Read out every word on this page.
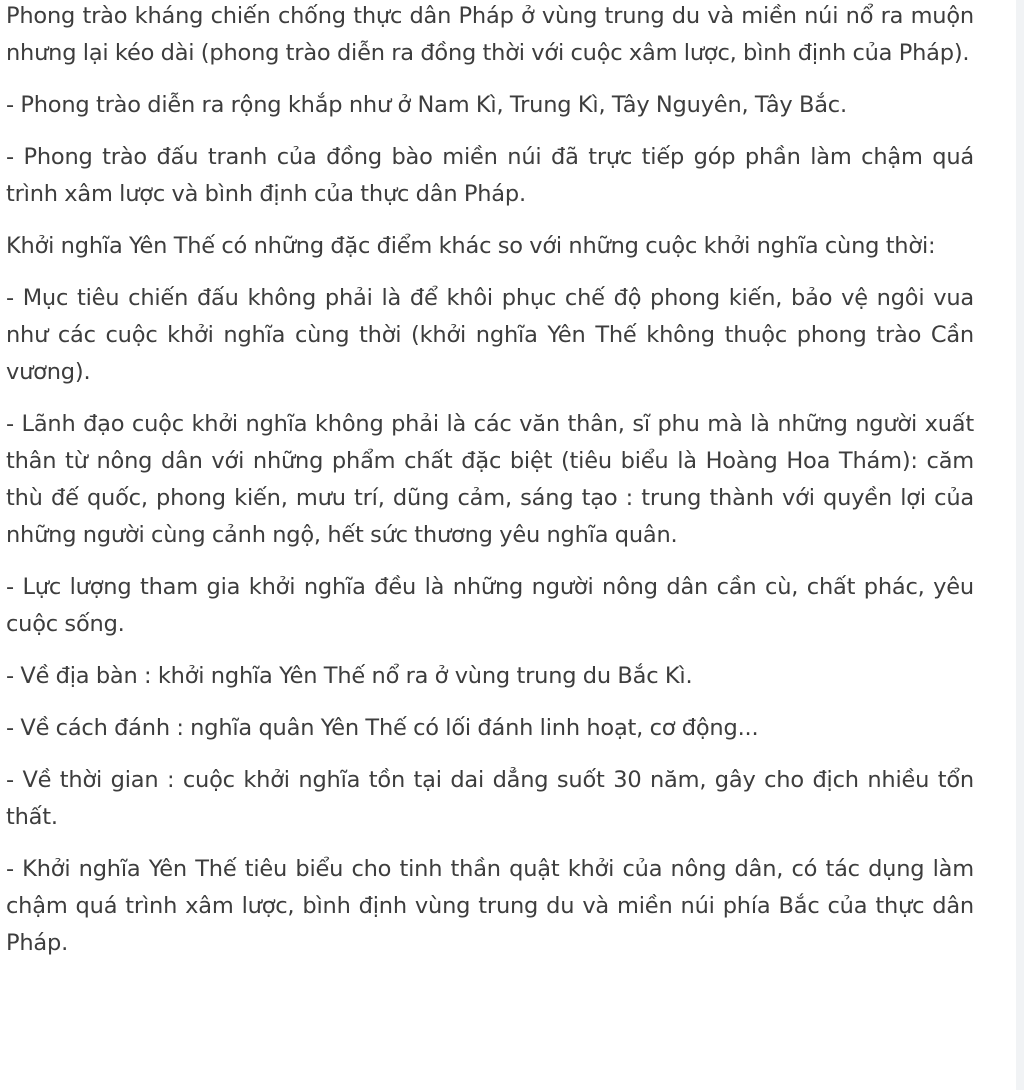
Phong trào kháng chiến chống thực dân Pháp ở vùng trung du và miền núi nổ ra muộn nhưng lại kéo dài (phong trào diễn ra đồng thời với cuộc xâm lược, bình định của Pháp).

- Phong trào diễn ra rộng khắp như ở Nam Kì, Trung Kì, Tây Nguyên, Tây Bắc.

- Phong trào đấu tranh của đồng bào miền núi đã trực tiếp góp phần làm chậm quá trình xâm lược và bình định của thực dân Pháp.

Khởi nghĩa Yên Thế có những đặc điểm khác so với những cuộc khởi nghĩa cùng thời:

- Mục tiêu chiến đấu không phải là để khôi phục chế độ phong kiến, bảo vệ ngôi vua như các cuộc khởi nghĩa cùng thời (khởi nghĩa Yên Thế không thuộc phong trào Cần vương).

- Lãnh đạo cuộc khởi nghĩa không phải là các văn thân, sĩ phu mà là những người xuất thân từ nông dân với những phẩm chất đặc biệt (tiêu biểu là Hoàng Hoa Thám): căm thù đế quốc, phong kiến, mưu trí, dũng cảm, sáng tạo : trung thành với quyền lợi của những người cùng cảnh ngộ, hết sức thương yêu nghĩa quân.

- Lực lượng tham gia khởi nghĩa đều là những người nông dân cần cù, chất phác, yêu cuộc sống.

- Về địa bàn : khởi nghĩa Yên Thế nổ ra ở vùng trung du Bắc Kì.

- Về cách đánh : nghĩa quân Yên Thế có lối đánh linh hoạt, cơ động...

- Về thời gian : cuộc khởi nghĩa tồn tại dai dẳng suốt 30 năm, gây cho địch nhiều tổn thất.

- Khởi nghĩa Yên Thế tiêu biểu cho tinh thần quật khởi của nông dân, có tác dụng làm chậm quá trình xâm lược, bình định vùng trung du và miền núi phía Bắc của thực dân Pháp.
